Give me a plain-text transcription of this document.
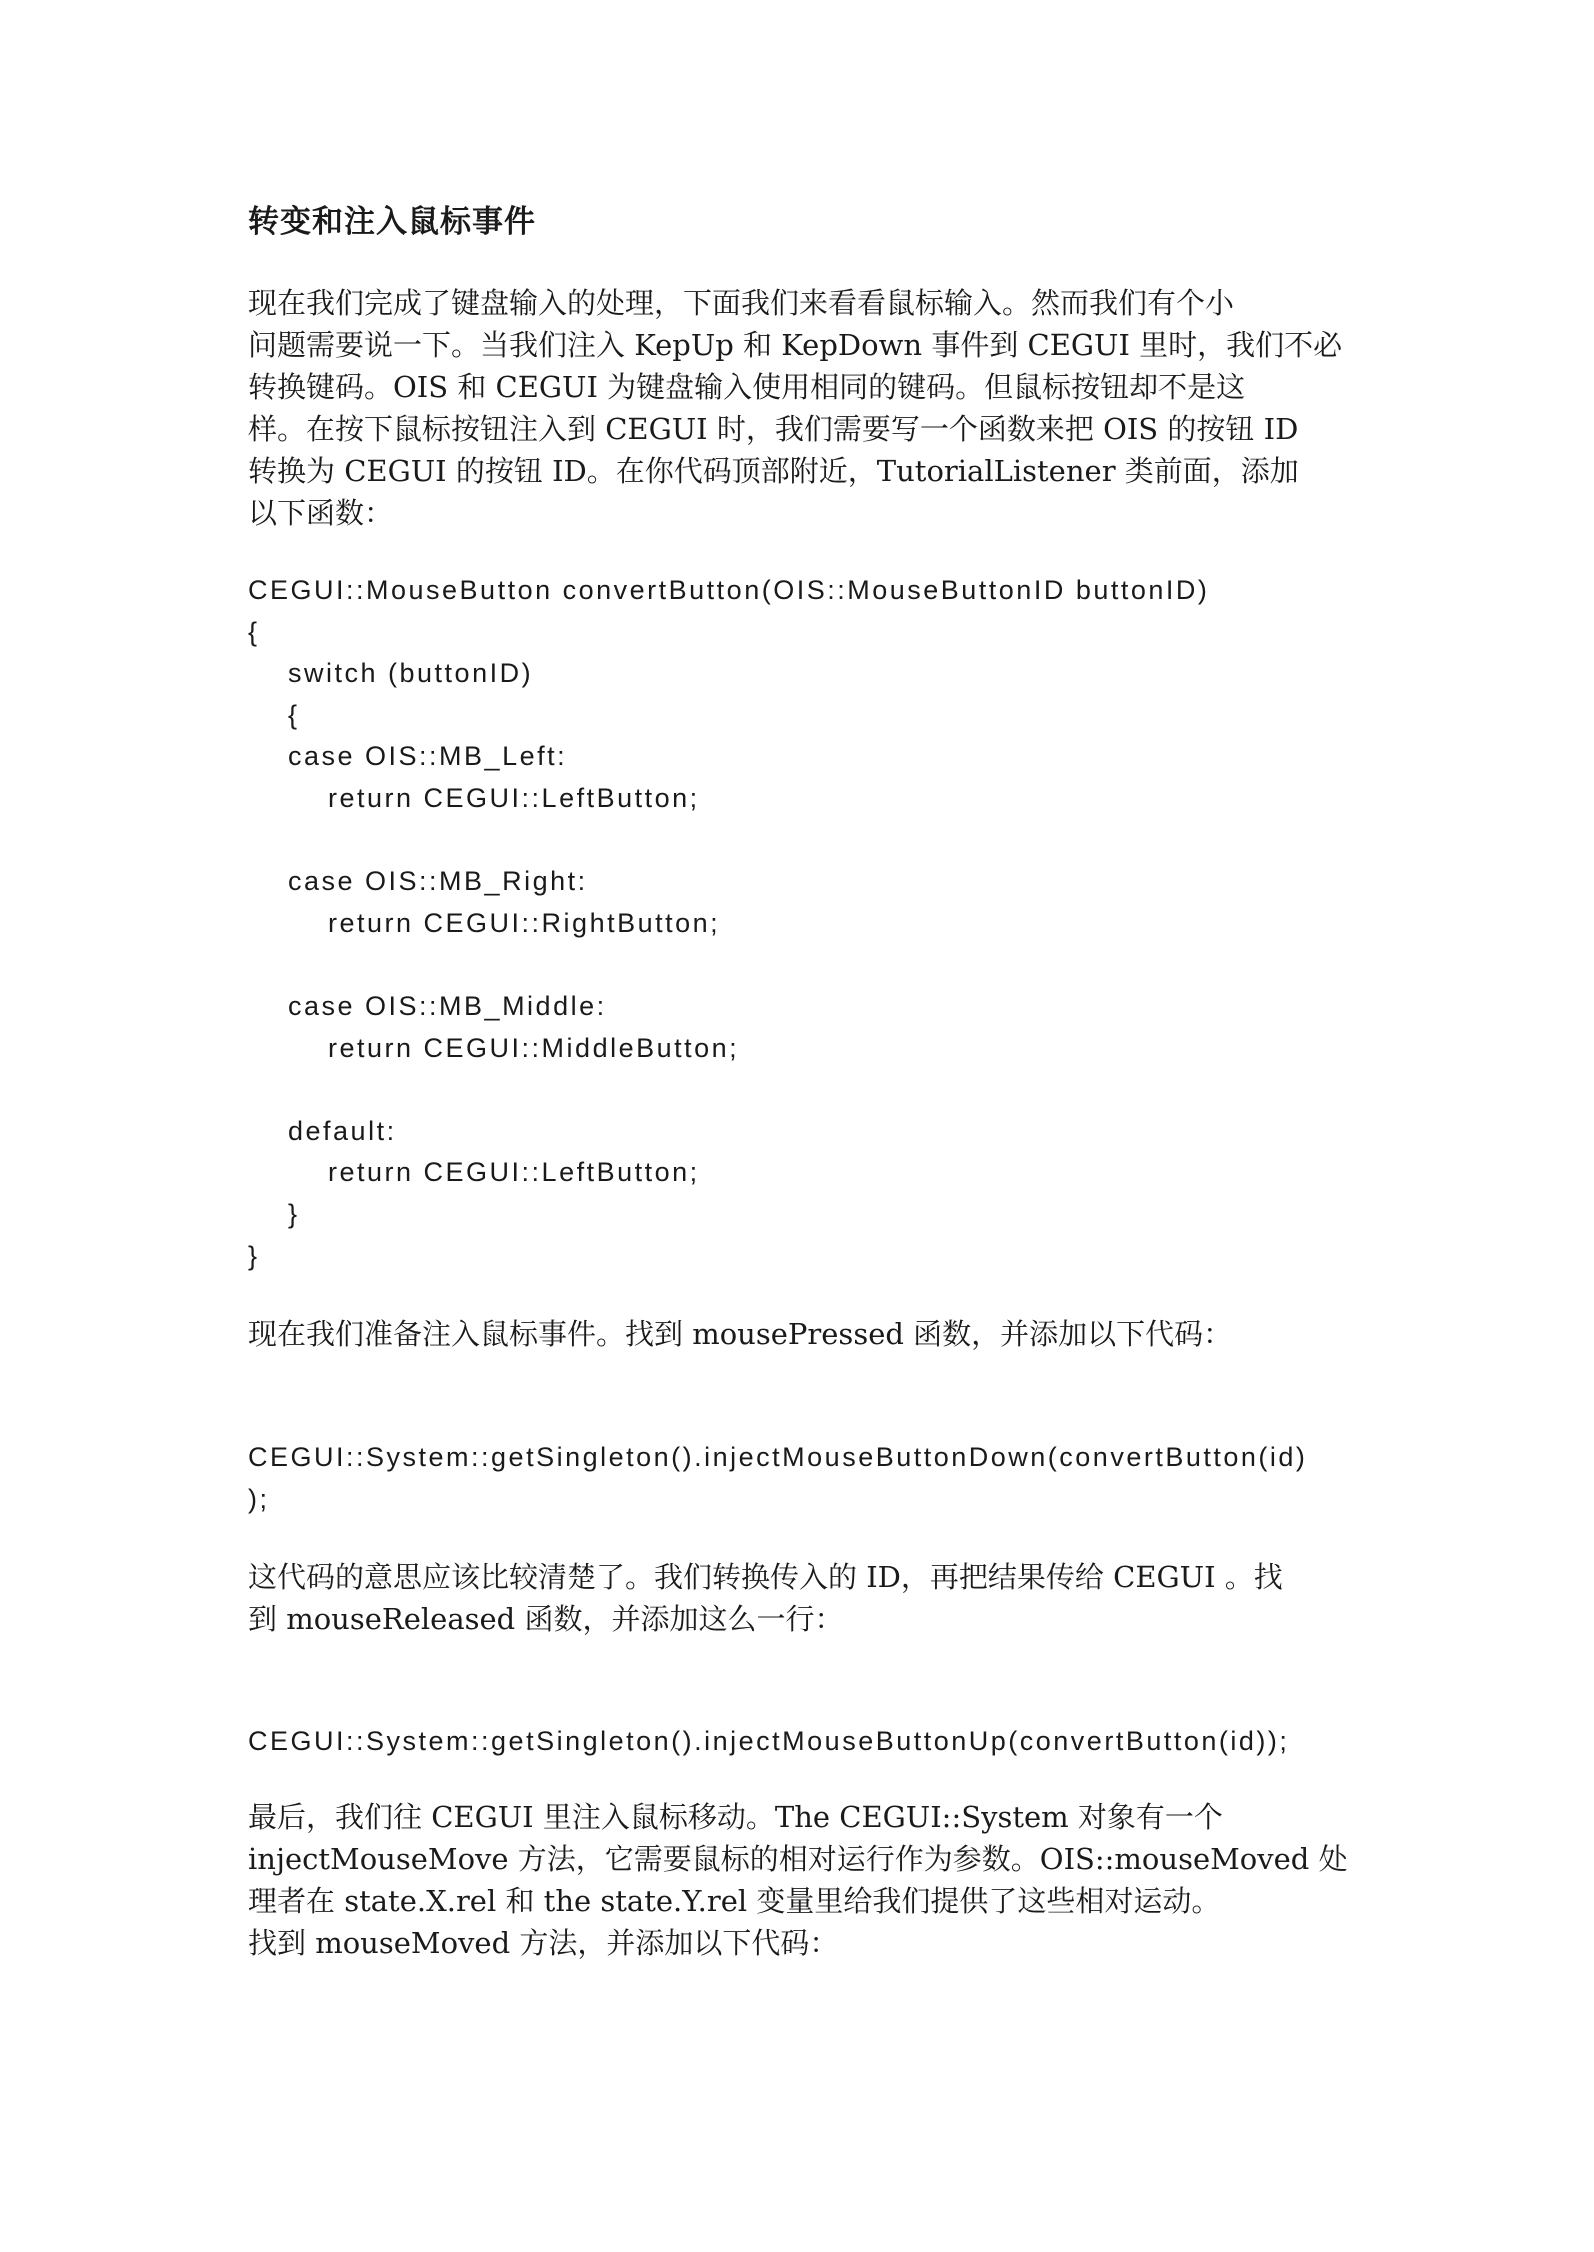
转变和注入鼠标事件
现在我们完成了键盘输入的处理，下面我们来看看鼠标输入。然而我们有个小
问题需要说一下。当我们注入 KepUp 和 KepDown 事件到 CEGUI 里时，我们不必
转换键码。OIS 和 CEGUI 为键盘输入使用相同的键码。但鼠标按钮却不是这
样。在按下鼠标按钮注入到 CEGUI 时，我们需要写一个函数来把 OIS 的按钮 ID
转换为 CEGUI 的按钮 ID。在你代码顶部附近，TutorialListener 类前面，添加
以下函数：
CEGUI::MouseButton convertButton(OIS::MouseButtonID buttonID)
{
switch (buttonID)
{
case OIS::MB_Left:
return CEGUI::LeftButton;
case OIS::MB_Right:
return CEGUI::RightButton;
case OIS::MB_Middle:
return CEGUI::MiddleButton;
default:
return CEGUI::LeftButton;
}
}
现在我们准备注入鼠标事件。找到 mousePressed 函数，并添加以下代码：
CEGUI::System::getSingleton().injectMouseButtonDown(convertButton(id)
);
这代码的意思应该比较清楚了。我们转换传入的 ID，再把结果传给 CEGUI 。找
到 mouseReleased 函数，并添加这么一行：
CEGUI::System::getSingleton().injectMouseButtonUp(convertButton(id));
最后，我们往 CEGUI 里注入鼠标移动。The CEGUI::System 对象有一个
injectMouseMove 方法，它需要鼠标的相对运行作为参数。OIS::mouseMoved 处
理者在 state.X.rel 和 the state.Y.rel 变量里给我们提供了这些相对运动。
找到 mouseMoved 方法，并添加以下代码：
